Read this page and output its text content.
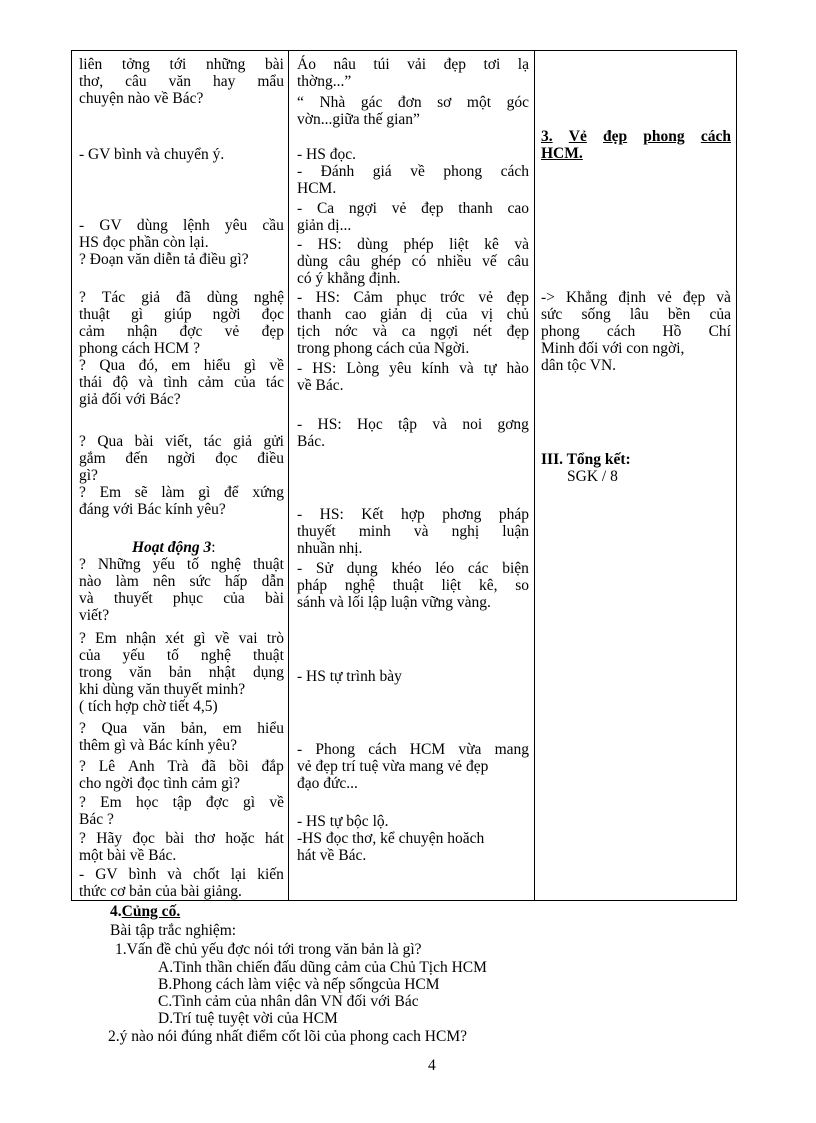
liên tởng tới những bài
thơ, câu văn hay mẩu
chuyện nào về Bác?
- GV bình và chuyển ý.
- GV dùng lệnh yêu cầu
HS đọc phần còn lại.
? Đoạn văn diễn tả điều gì?
? Tác giả đã dùng nghệ
thuật gì giúp ngời đọc
cảm nhận đợc vẻ đẹp
phong cách HCM ?
? Qua đó, em hiểu gì về
thái độ và tình cảm của tác
giả đối với Bác?
? Qua bài viết, tác giả gửi
gắm đến ngời đọc điều
gì?
? Em sẽ làm gì để xứng
đáng với Bác kính yêu?
Hoạt động 3:
? Những yếu tố nghệ thuật
nào làm nên sức hấp dẫn
và thuyết phục của bài
viết?
? Em nhận xét gì về vai trò
của yếu tố nghệ thuật
trong văn bản nhật dụng
khi dùng văn thuyết minh?
( tích hợp chờ tiết 4,5)
? Qua văn bản, em hiểu
thêm gì và Bác kính yêu?
? Lê Anh Trà đã bồi đắp
cho ngời đọc tình cảm gì?
? Em học tập đợc gì về
Bác ?
? Hãy đọc bài thơ hoặc hát
một bài về Bác.
- GV bình và chốt lại kiến
thức cơ bản của bài giảng.
Áo nâu túi vải đẹp tơi lạ
thờng...”
“ Nhà gác đơn sơ một góc
vờn...giữa thế gian”
- HS đọc.
- Đánh giá về phong cách
HCM.
- Ca ngợi vẻ đẹp thanh cao
giản dị...
- HS: dùng phép liệt kê và
dùng câu ghép có nhiều vế câu
có ý khẳng định.
- HS: Cảm phục trớc vẻ đẹp
thanh cao giản dị của vị chủ
tịch nớc và ca ngợi nét đẹp
trong phong cách của Ngời.
- HS: Lòng yêu kính và tự hào
về Bác.
- HS: Học tập và noi gơng
Bác.
- HS: Kết hợp phơng pháp
thuyết minh và nghị luận
nhuần nhị.
- Sử dụng khéo léo các biện
pháp nghệ thuật liệt kê, so
sánh và lối lập luận vững vàng.
- HS tự trình bày
- Phong cách HCM vừa mang
vẻ đẹp trí tuệ vừa mang vẻ đẹp
đạo đức...
- HS tự bộc lộ.
-HS đọc thơ, kể chuyện hoăch
hát về Bác.
3. Vẻ đẹp phong cách
HCM.
-> Khẳng định vẻ đẹp và
sức sống lâu bền của
phong cách Hồ Chí
Minh đối với con ngời,
dân tộc VN.
III. Tổng kết:
SGK / 8
4.Củng cố.
Bài tập trắc nghiệm:
1.Vấn đề chủ yếu đợc nói tới trong văn bản là gì?
A.Tinh thần chiến đấu dũng cảm của Chủ Tịch HCM
B.Phong cách làm việc và nếp sốngcủa HCM
C.Tình cảm của nhân dân VN đối với Bác
D.Trí tuệ tuyệt vời của HCM
2.ý nào nói đúng nhất điểm cốt lõi của phong cach HCM?
4
